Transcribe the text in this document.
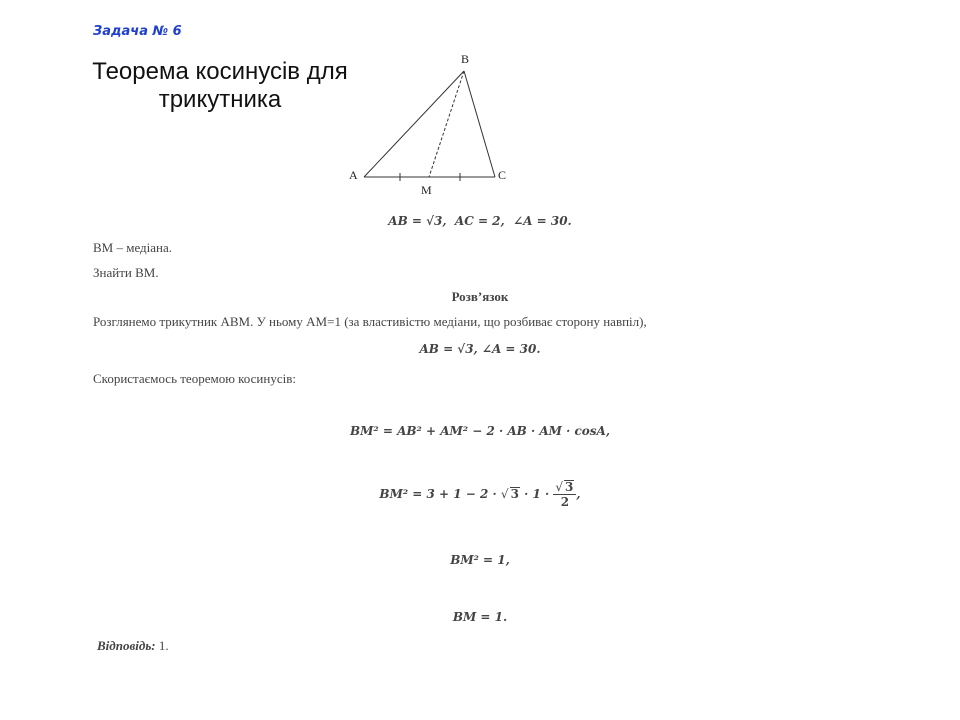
Задача № 6
Теорема косинусів для
трикутника
A
B
C
M
AB = √3, AC = 2, ∠A = 30.
BM – медіана.
Знайти BM.
Розв’язок
Розглянемо трикутник ABM. У ньому AM=1 (за властивістю медіани, що розбиває сторону навпіл),
AB = √3, ∠A = 30.
Скористаємось теоремою косинусів:
BM² = AB² + AM² − 2 · AB · AM · cosA,
BM² = 3 + 1 − 2 · √ $3 \cdot 1 \cdot \frac{√ 3}{2}$ ,
BM² = 1,
BM = 1.
Відповідь: 1.
